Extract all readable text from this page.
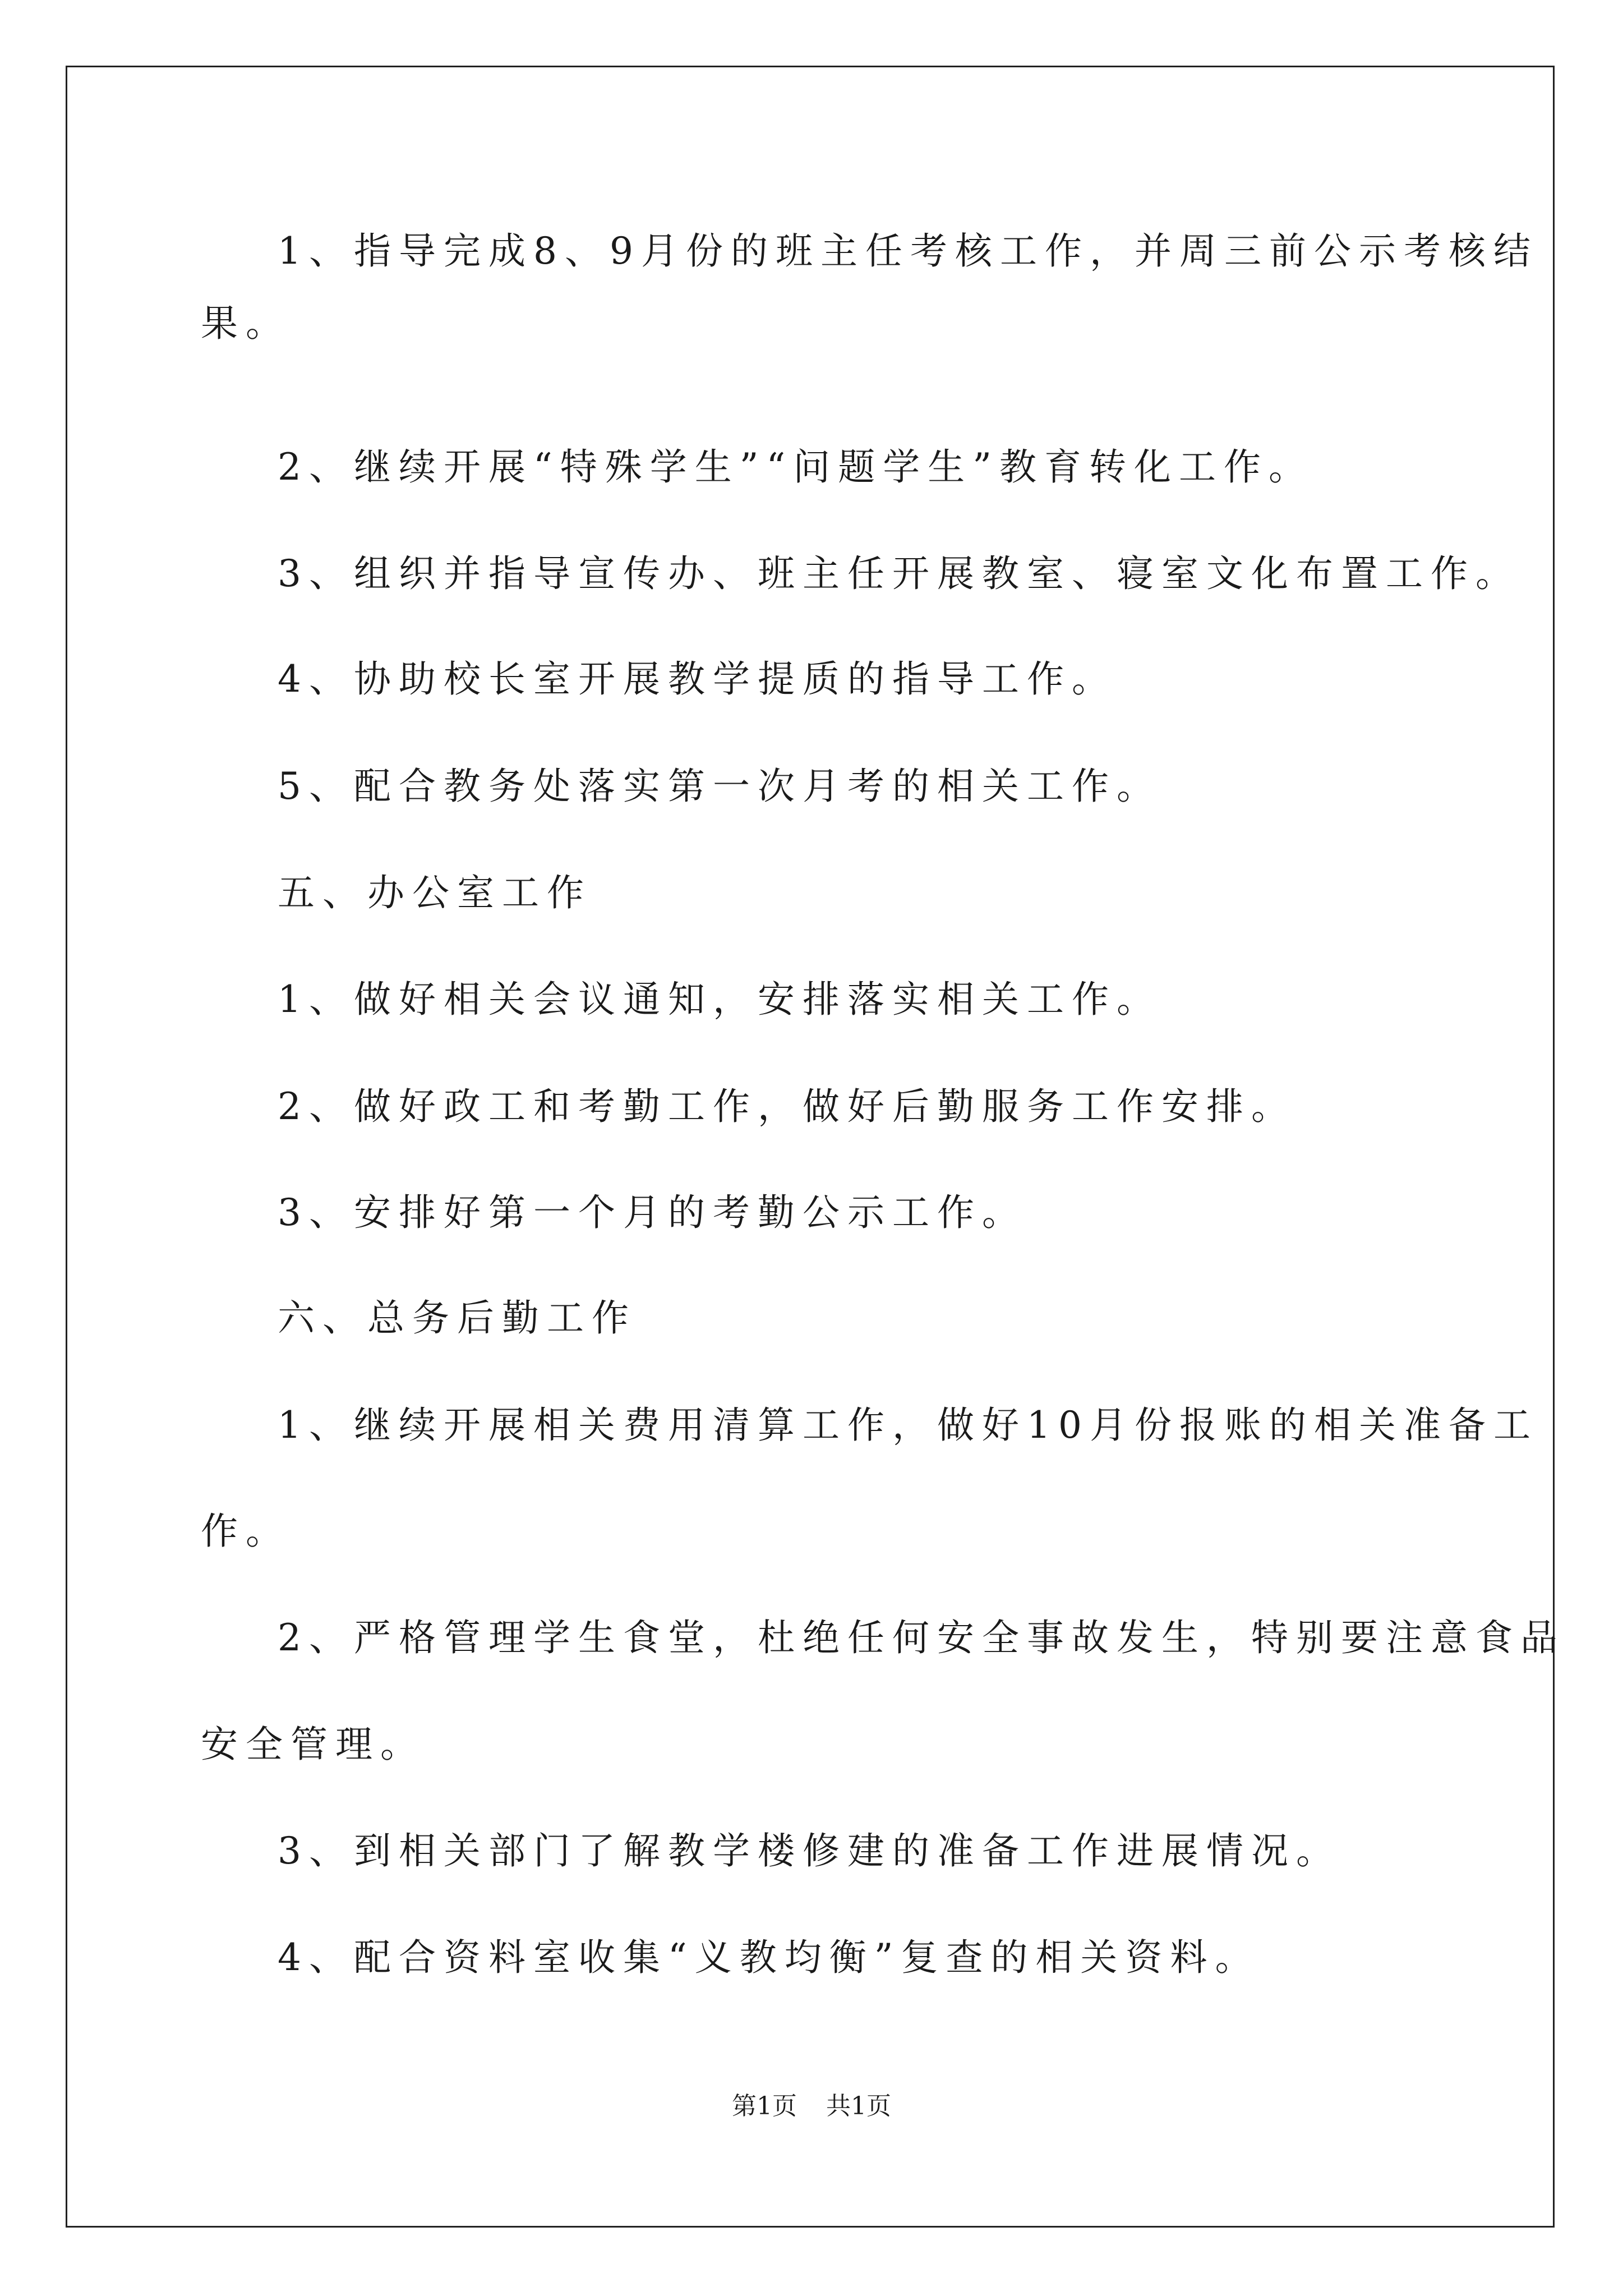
1、指导完成8、9月份的班主任考核工作，并周三前公示考核结
果。
2、继续开展“特殊学生”“问题学生”教育转化工作。
3、组织并指导宣传办、班主任开展教室、寝室文化布置工作。
4、协助校长室开展教学提质的指导工作。
5、配合教务处落实第一次月考的相关工作。
五、办公室工作
1、做好相关会议通知，安排落实相关工作。
2、做好政工和考勤工作，做好后勤服务工作安排。
3、安排好第一个月的考勤公示工作。
六、总务后勤工作
1、继续开展相关费用清算工作，做好10月份报账的相关准备工
作。
2、严格管理学生食堂，杜绝任何安全事故发生，特别要注意食品
安全管理。
3、到相关部门了解教学楼修建的准备工作进展情况。
4、配合资料室收集“义教均衡”复查的相关资料。
第1页 共1页
